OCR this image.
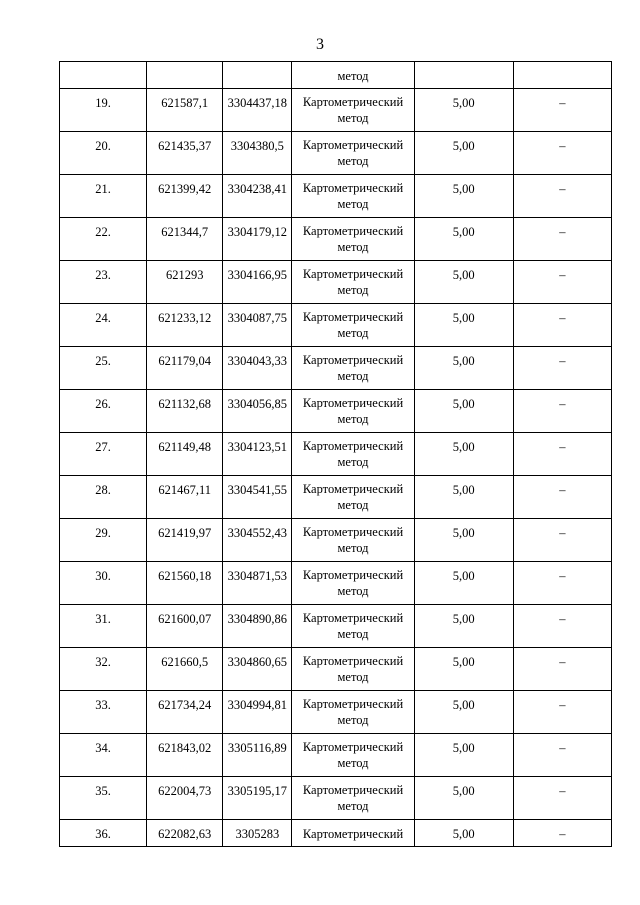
3

			метод		

19.	621587,1	3304437,18	Картометрический
метод	5,00	–

20.	621435,37	3304380,5	Картометрический
метод	5,00	–

21.	621399,42	3304238,41	Картометрический
метод	5,00	–

22.	621344,7	3304179,12	Картометрический
метод	5,00	–

23.	621293	3304166,95	Картометрический
метод	5,00	–

24.	621233,12	3304087,75	Картометрический
метод	5,00	–

25.	621179,04	3304043,33	Картометрический
метод	5,00	–

26.	621132,68	3304056,85	Картометрический
метод	5,00	–

27.	621149,48	3304123,51	Картометрический
метод	5,00	–

28.	621467,11	3304541,55	Картометрический
метод	5,00	–

29.	621419,97	3304552,43	Картометрический
метод	5,00	–

30.	621560,18	3304871,53	Картометрический
метод	5,00	–

31.	621600,07	3304890,86	Картометрический
метод	5,00	–

32.	621660,5	3304860,65	Картометрический
метод	5,00	–

33.	621734,24	3304994,81	Картометрический
метод	5,00	–

34.	621843,02	3305116,89	Картометрический
метод	5,00	–

35.	622004,73	3305195,17	Картометрический
метод	5,00	–

36.	622082,63	3305283	Картометрический	5,00	–
